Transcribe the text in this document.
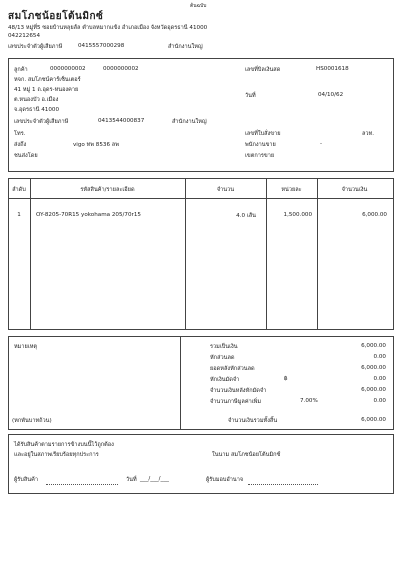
ต้นฉบับ
สมโภชน้อยโต้นมิกซ์
48/13 หมู่ที่5 ซอยบ้านหลุยส์ล ตำบลหมากแข้ง อำเภอเมือง จังหวัดอุดรธานี 41000
042212654
เลขประจำตัวผู้เสียภาษี	0415557000298	สำนักงานใหญ่
ลูกค้า	0000000002	0000000002
หจก. สมโภชน์คาร์เซ็นเตอร์
41 หมู่ 1 ถ.อุดร-หนองคาย
ต.หนองบัว อ.เมือง
จ.อุดรธานี 41000
เลขประจำตัวผู้เสียภาษี	0413544000837	สำนักงานใหญ่
โทร.
ส่งถึง	vigo ทพ 8536 ลพ
ชนส่งโดย
เลขที่บิลเงินสด	HS0001618
วันที่	04/10/62
เลขที่ใบสั่งขาย	ลวท.
พนักงานขาย	-
เขตการขาย
ลำดับ	รหัสสินค้า/รายละเอียด	จำนวน	หน่วยละ	จำนวนเงิน
1	OY-8205-70R15 yokohama 205/70r15	4.0 เส้น	1,500.000	6,000.00
หมายเหตุ
(หกพันบาทถ้วน)
รวมเป็นเงิน	6,000.00
หักส่วนลด	0.00
ยอดหลังหักส่วนลด	6,000.00
หักเงินมัดจำ	฿	0.00
จำนวนเงินหลังหักมัดจำ	6,000.00
จำนวนภาษีมูลค่าเพิ่ม	7.00%	0.00
จำนวนเงินรวมทั้งสิ้น	6,000.00
ได้รับสินค้าตามรายการข้างบนนี้ไว้ถูกต้อง
และอยู่ในสภาพเรียบร้อยทุกประการ	ในนาม สมโภชน้อยโต้นมิกซ์
ผู้รับสินค้า	วันที่ ___/___/___	ผู้รับมอบอำนาจ
